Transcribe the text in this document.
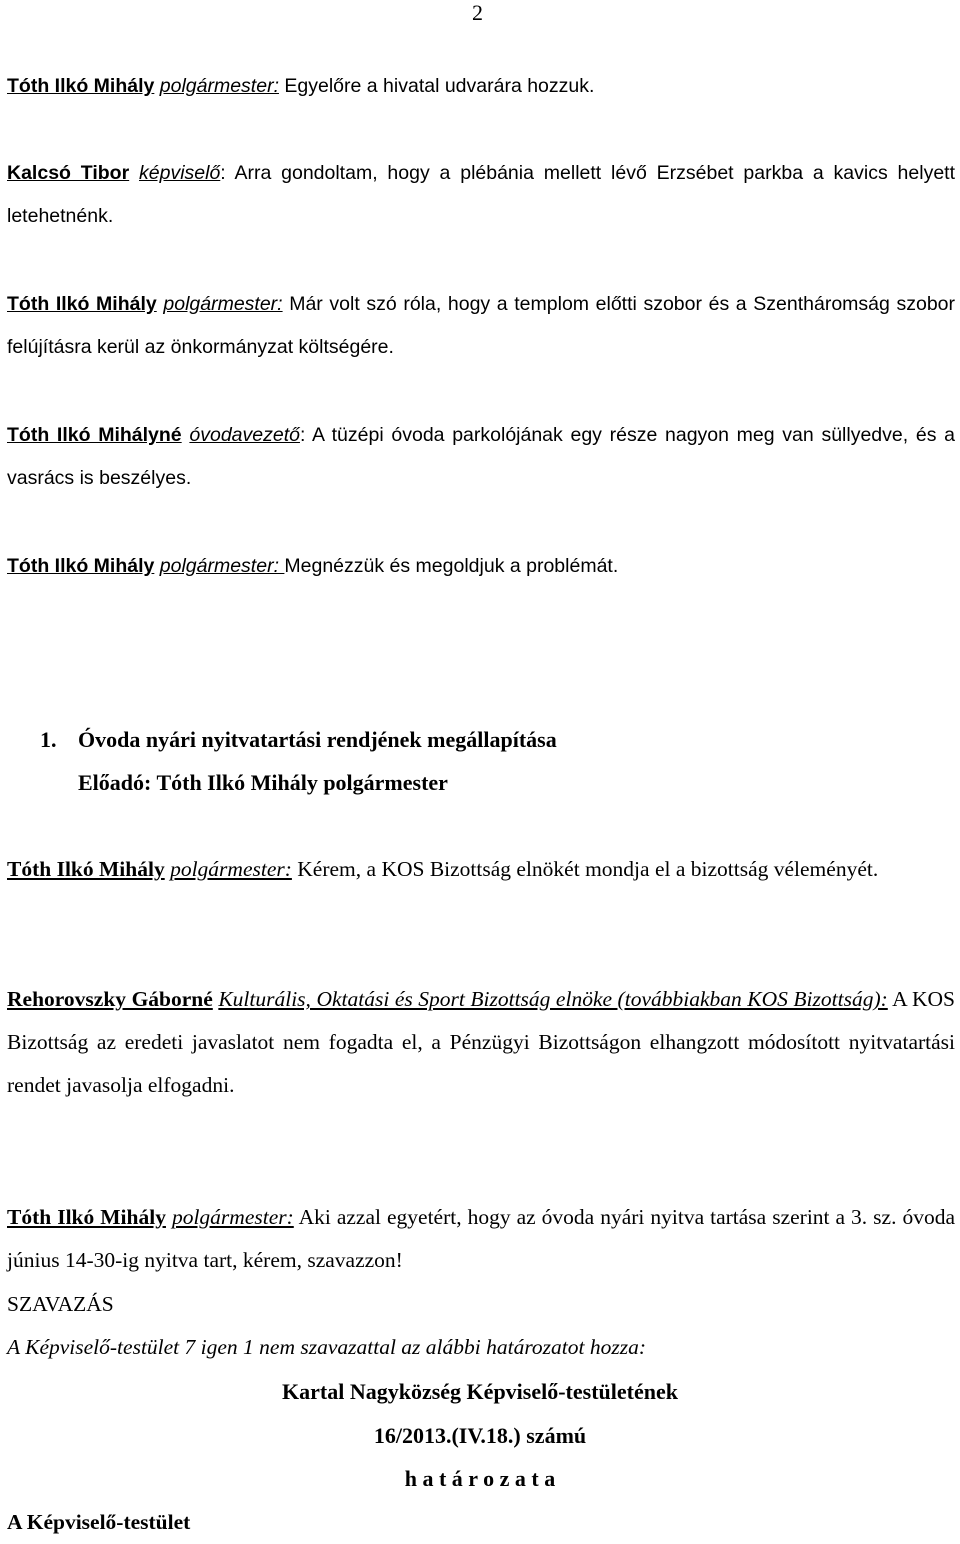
2
Tóth Ilkó Mihály polgármester: Egyelőre a hivatal udvarára hozzuk.
Kalcsó Tibor képviselő: Arra gondoltam, hogy a plébánia mellett lévő Erzsébet parkba a kavics helyett letehetnénk.
Tóth Ilkó Mihály polgármester: Már volt szó róla, hogy a templom előtti szobor és a Szentháromság szobor felújításra kerül az önkormányzat költségére.
Tóth Ilkó Mihályné óvodavezető: A tüzépi óvoda parkolójának egy része nagyon meg van süllyedve, és a vasrács is beszélyes.
Tóth Ilkó Mihály polgármester: Megnézzük és megoldjuk a problémát.
1. Óvoda nyári nyitvatartási rendjének megállapítása
Előadó: Tóth Ilkó Mihály polgármester
Tóth Ilkó Mihály polgármester: Kérem, a KOS Bizottság elnökét mondja el a bizottság véleményét.
Rehorovszky Gáborné Kulturális, Oktatási és Sport Bizottság elnöke (továbbiakban KOS Bizottság): A KOS Bizottság az eredeti javaslatot nem fogadta el, a Pénzügyi Bizottságon elhangzott módosított nyitvatartási rendet javasolja elfogadni.
Tóth Ilkó Mihály polgármester: Aki azzal egyetért, hogy az óvoda nyári nyitva tartása szerint a 3. sz. óvoda június 14-30-ig nyitva tart, kérem, szavazzon!
SZAVAZÁS
A Képviselő-testület 7 igen 1 nem szavazattal az alábbi határozatot hozza:
Kartal Nagyközség Képviselő-testületének
16/2013.(IV.18.) számú
h a t á r o z a t a
A Képviselő-testület
